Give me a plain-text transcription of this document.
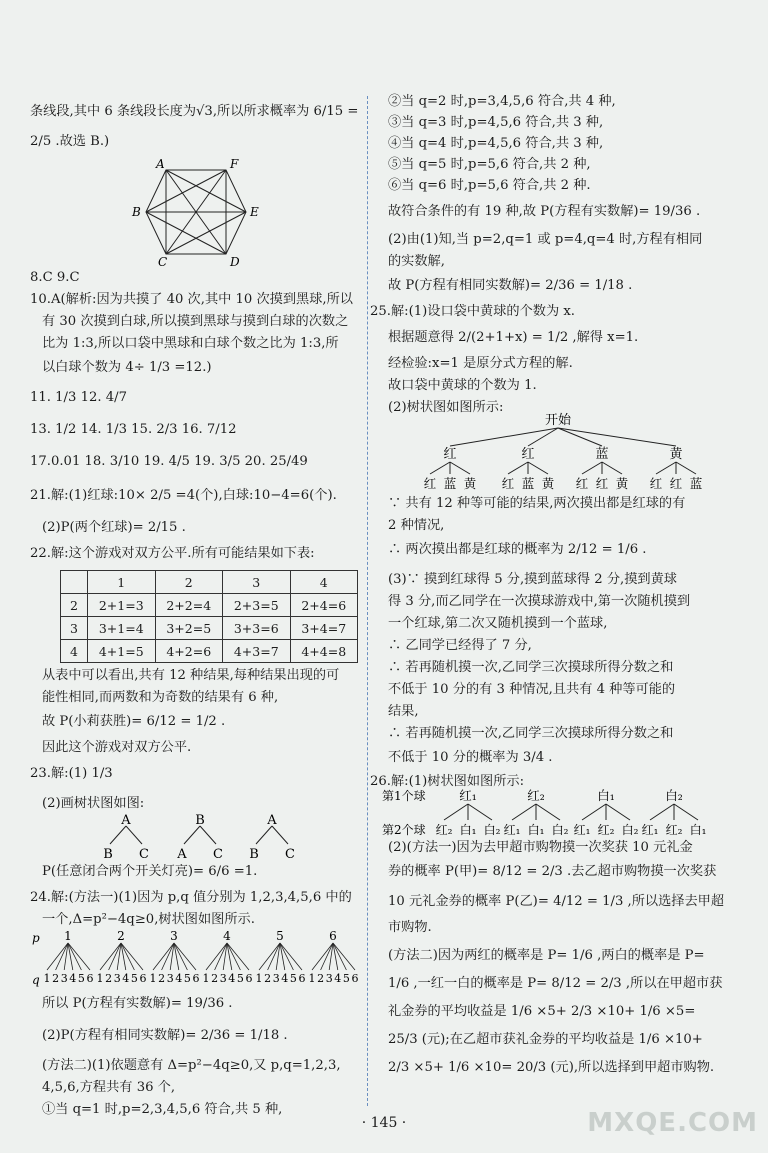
条线段,其中 6 条线段长度为√3,所以所求概率为 6/15 =
2/5 .故选 B.)
A	F
B	E
C	D
8.C 9.C
10.A(解析:因为共摸了 40 次,其中 10 次摸到黑球,所以
有 30 次摸到白球,所以摸到黑球与摸到白球的次数之
比为 1:3,所以口袋中黑球和白球个数之比为 1:3,所
以白球个数为 4÷ 1/3 =12.)
11. 1/3 12. 4/7
13. 1/2 14. 1/3 15. 2/3 16. 7/12
17.0.01 18. 3/10 19. 4/5 19. 3/5 20. 25/49
21.解:(1)红球:10× 2/5 =4(个),白球:10−4=6(个).
(2)P(两个红球)= 2/15 .
22.解:这个游戏对双方公平.所有可能结果如下表:
	1	2	3	4
2	2+1=3	2+2=4	2+3=5	2+4=6
3	3+1=4	3+2=5	3+3=6	3+4=7
4	4+1=5	4+2=6	4+3=7	4+4=8
从表中可以看出,共有 12 种结果,每种结果出现的可
能性相同,而两数和为奇数的结果有 6 种,
故 P(小莉获胜)= 6/12 = 1/2 .
因此这个游戏对双方公平.
23.解:(1) 1/3
(2)画树状图如图:
A	B	A
B C A C B C
P(任意闭合两个开关灯亮)= 6/6 =1.
24.解:(方法一)(1)因为 p,q 值分别为 1,2,3,4,5,6 中的
一个,Δ=p²−4q≥0,树状图如图所示.
p
q
1
1 2 3 4 5 6
2
1 2 3 4 5 6
3
1 2 3 4 5 6
4
1 2 3 4 5 6
5
1 2 3 4 5 6
6
1 2 3 4 5 6
所以 P(方程有实数解)= 19/36 .
(2)P(方程有相同实数解)= 2/36 = 1/18 .
(方法二)(1)依题意有 Δ=p²−4q≥0,又 p,q=1,2,3,
4,5,6,方程共有 36 个,
①当 q=1 时,p=2,3,4,5,6 符合,共 5 种,
②当 q=2 时,p=3,4,5,6 符合,共 4 种,
③当 q=3 时,p=4,5,6 符合,共 3 种,
④当 q=4 时,p=4,5,6 符合,共 3 种,
⑤当 q=5 时,p=5,6 符合,共 2 种,
⑥当 q=6 时,p=5,6 符合,共 2 种.
故符合条件的有 19 种,故 P(方程有实数解)= 19/36 .
(2)由(1)知,当 p=2,q=1 或 p=4,q=4 时,方程有相同
的实数解,
故 P(方程有相同实数解)= 2/36 = 1/18 .
25.解:(1)设口袋中黄球的个数为 x.
根据题意得 2/(2+1+x) = 1/2 ,解得 x=1.
经检验:x=1 是原分式方程的解.
故口袋中黄球的个数为 1.
(2)树状图如图所示:
开始
红
红 蓝 黄
红
红 蓝 黄
蓝
红 红 黄
黄
红 红 蓝
∵ 共有 12 种等可能的结果,两次摸出都是红球的有
2 种情况,
∴ 两次摸出都是红球的概率为 2/12 = 1/6 .
(3)∵ 摸到红球得 5 分,摸到蓝球得 2 分,摸到黄球
得 3 分,而乙同学在一次摸球游戏中,第一次随机摸到
一个红球,第二次又随机摸到一个蓝球,
∴ 乙同学已经得了 7 分,
∴ 若再随机摸一次,乙同学三次摸球所得分数之和
不低于 10 分的有 3 种情况,且共有 4 种等可能的
结果,
∴ 若再随机摸一次,乙同学三次摸球所得分数之和
不低于 10 分的概率为 3/4 .
26.解:(1)树状图如图所示:
第1个球
第2个球
红₁
红₂ 白₁ 白₂
红₂
红₁ 白₁ 白₂
白₁
红₁ 红₂ 白₂
白₂
红₁ 红₂ 白₁
(2)(方法一)因为去甲超市购物摸一次奖获 10 元礼金
券的概率 P(甲)= 8/12 = 2/3 .去乙超市购物摸一次奖获
10 元礼金券的概率 P(乙)= 4/12 = 1/3 ,所以选择去甲超
市购物.
(方法二)因为两红的概率是 P= 1/6 ,两白的概率是 P=
1/6 ,一红一白的概率是 P= 8/12 = 2/3 ,所以在甲超市获
礼金券的平均收益是 1/6 ×5+ 2/3 ×10+ 1/6 ×5=
25/3 (元);在乙超市获礼金券的平均收益是 1/6 ×10+
2/3 ×5+ 1/6 ×10= 20/3 (元),所以选择到甲超市购物.
· 145 ·	MXQE.COM
